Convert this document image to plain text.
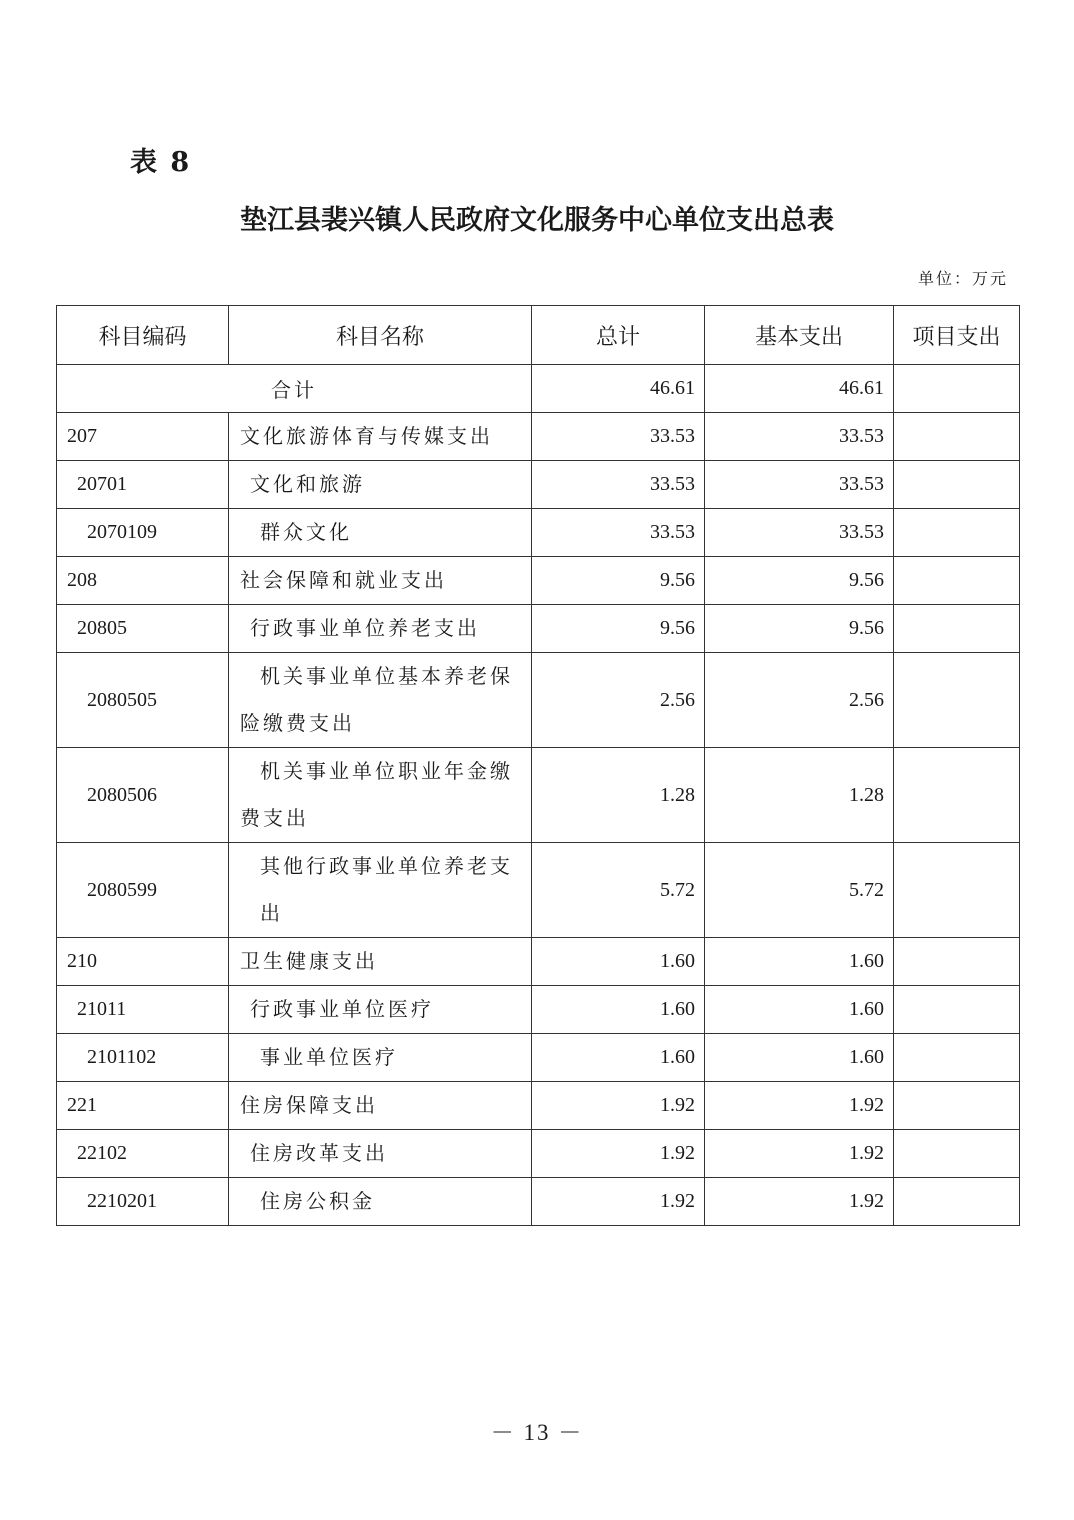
表 8
垫江县裴兴镇人民政府文化服务中心单位支出总表
单位：万元
科目编码	科目名称	总计	基本支出	项目支出
合计		46.61	46.61	
207	文化旅游体育与传媒支出	33.53	33.53	
20701	文化和旅游	33.53	33.53	
2070109	群众文化	33.53	33.53	
208	社会保障和就业支出	9.56	9.56	
20805	行政事业单位养老支出	9.56	9.56	
2080505	机关事业单位基本养老保险缴费支出	2.56	2.56	
2080506	机关事业单位职业年金缴费支出	1.28	1.28	
2080599	其他行政事业单位养老支出	5.72	5.72	
210	卫生健康支出	1.60	1.60	
21011	行政事业单位医疗	1.60	1.60	
2101102	事业单位医疗	1.60	1.60	
221	住房保障支出	1.92	1.92	
22102	住房改革支出	1.92	1.92	
2210201	住房公积金	1.92	1.92	
－ 13 －
